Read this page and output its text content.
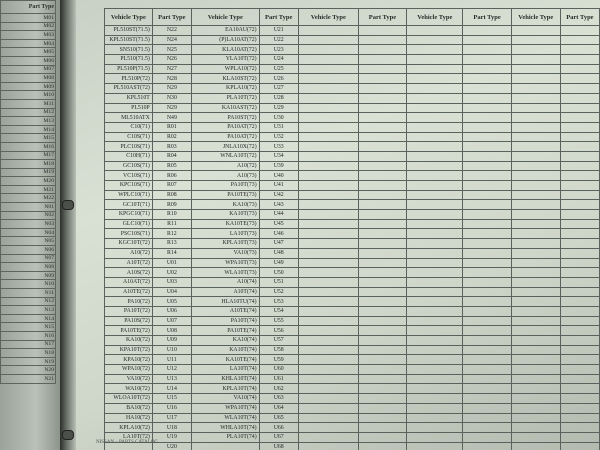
Part Type
M01
M02
M03
M04
M05
M06
M07
M08
M09
M10
M11
M12
M13
M14
M15
M16
M17
M18
M19
M20
M21
M22
N01
N02
N03
N04
N05
N06
N07
N08
N09
N10
N11
N12
N13
N14
N15
N16
N17
N18
N19
N20
N21
Vehicle Type	Part Type	Vehicle Type	Part Type	Vehicle Type	Part Type	Vehicle Type	Part Type	Vehicle Type	Part Type
PL510ST(71.5)	N22	EA10AU(72)	U21						
KPL510ST(71.5)	N24	(P)LA10AT(72)	U22						
SN510(71.5)	N25	KLA10AT(72)	U23						
PL510(71.5)	N26	YLA10T(72)	U24						
PL510P(71.5)	N27	WPLA10(72)	U25						
PL510P(72)	N28	KLA10ST(72)	U26						
PL510AST(72)	N29	KPLA10(72)	U27						
KPL510T	N30	PLA10T(72)	U28						
PL510P	N29	KA10AST(72)	U29						
ML510ATX	N49	PA10ST(72)	U30						
C10(71)	R01	PA10AT(72)	U31						
C10S(71)	R02	PA10AT(72)	U32						
PLC10S(71)	R03	JNLA10X(72)	U33						
C10H(71)	R04	WNLA10T(72)	U34						
GC10S(71)	R05	A10(72)	U39						
VC10S(71)	R06	A10(73)	U40						
KPC10S(71)	R07	PA10T(73)	U41						
WPLC10(71)	R08	PA10TE(73)	U42						
GC10T(71)	R09	KA10(73)	U43						
KPGC10(71)	R10	KA10T(73)	U44						
GLC10(71)	R11	KA10TE(73)	U45						
PSC10S(71)	R12	LA10T(73)	U46						
KGC10T(72)	R13	KPLA10T(73)	U47						
A10(72)	R14	VA10(73)	U48						
A10T(72)	U01	WPA10T(73)	U49						
A10S(72)	U02	WLA10T(73)	U50						
A10AT(72)	U03	A10(74)	U51						
A10TE(72)	U04	A10T(74)	U52						
PA10(72)	U05	HLA10TU(74)	U53						
PA10T(72)	U06	A10TE(74)	U54						
PA10S(72)	U07	PA10T(74)	U55						
PA10TE(72)	U08	PA10TE(74)	U56						
KA10(72)	U09	KA10(74)	U57						
KPA10T(72)	U10	KA10T(74)	U58						
KPA10(72)	U11	KA10TE(74)	U59						
WPA10(72)	U12	LA10T(74)	U60						
VA10(72)	U13	KHLA10T(74)	U61						
WA10(72)	U14	KPLA10T(74)	U62						
WLOA10T(72)	U15	VA10(74)	U63						
BA10(72)	U16	WPA10T(74)	U64						
HA10(72)	U17	WLA10T(74)	U65						
KPLA10(72)	U18	WHLA10T(74)	U66						
LA10T(72)	U19	PLA10T(74)	U67						
	U20		U68						
NISSAN – PARTS CATALOG
